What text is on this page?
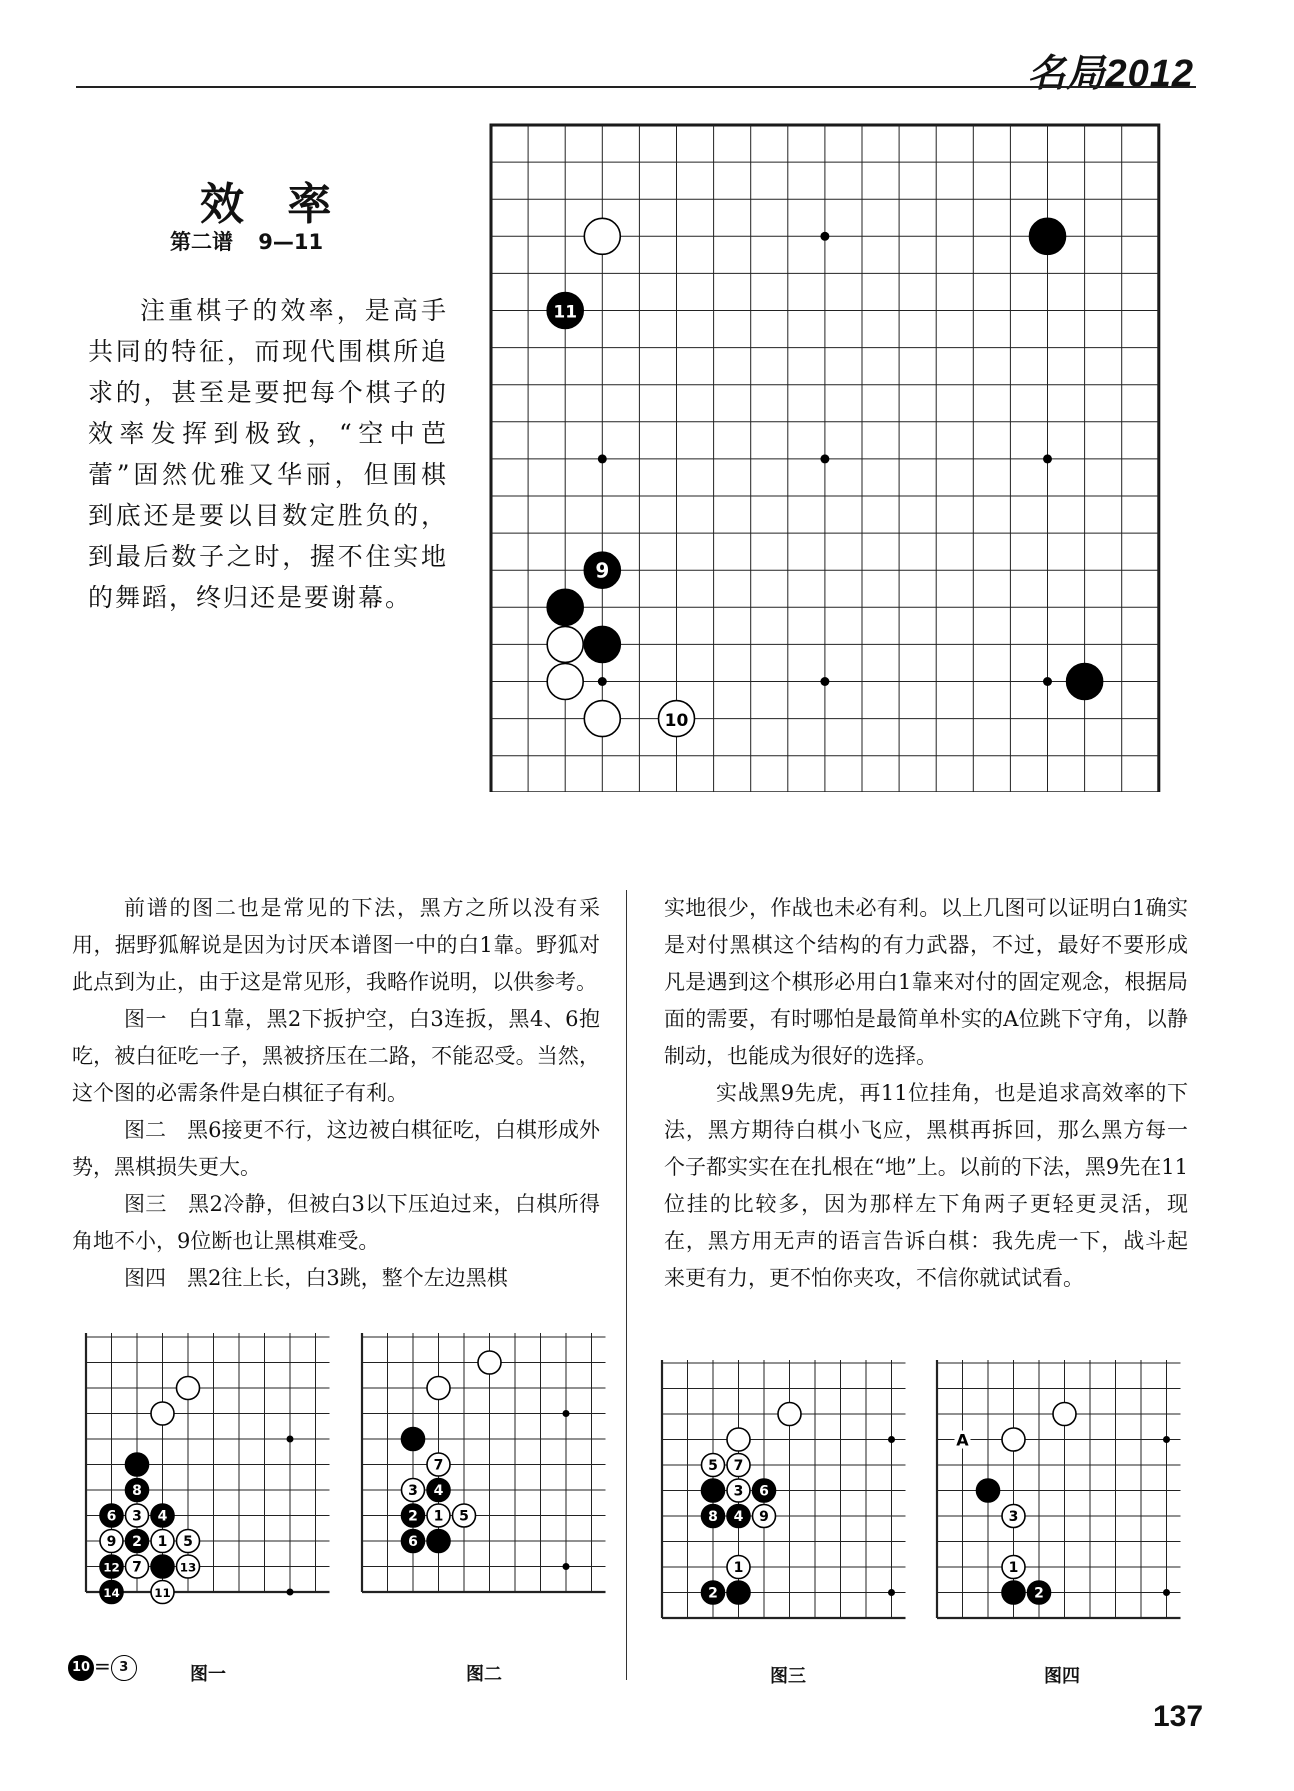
名局2012
效 率
第二谱 9—11
注重棋子的效率，是高手共同的特征，而现代围棋所追求的，甚至是要把每个棋子的效率发挥到极致，“空中芭蕾”固然优雅又华丽，但围棋到底还是要以目数定胜负的，到最后数子之时，握不住实地的舞蹈，终归还是要谢幕。
11
9
10

前谱的图二也是常见的下法，黑方之所以没有采用，据野狐解说是因为讨厌本谱图一中的白1靠。野狐对此点到为止，由于这是常见形，我略作说明，以供参考。

图一　白1靠，黑2下扳护空，白3连扳，黑4、6抱吃，被白征吃一子，黑被挤压在二路，不能忍受。当然，这个图的必需条件是白棋征子有利。

图二　黑6接更不行，这边被白棋征吃，白棋形成外势，黑棋损失更大。

图三　黑2冷静，但被白3以下压迫过来，白棋所得角地不小，9位断也让黑棋难受。

图四　黑2往上长，白3跳，整个左边黑棋

实地很少，作战也未必有利。以上几图可以证明白1确实是对付黑棋这个结构的有力武器，不过，最好不要形成凡是遇到这个棋形必用白1靠来对付的固定观念，根据局面的需要，有时哪怕是最简单朴实的A位跳下守角，以静制动，也能成为很好的选择。

实战黑9先虎，再11位挂角，也是追求高效率的下法，黑方期待白棋小飞应，黑棋再拆回，那么黑方每一个子都实实在在扎根在“地”上。以前的下法，黑9先在11位挂的比较多，因为那样左下角两子更轻更灵活，现在，黑方用无声的语言告诉白棋：我先虎一下，战斗起来更有力，更不怕你夹攻，不信你就试试看。

8
6 3 4
9 2 1 5
12 7	13
14	11
7
3 4
2 1 5
6
5 7
3 6
8 4 9
1
2
3
1
2
A
图一	图二	图三	图四
10 = 3
137
